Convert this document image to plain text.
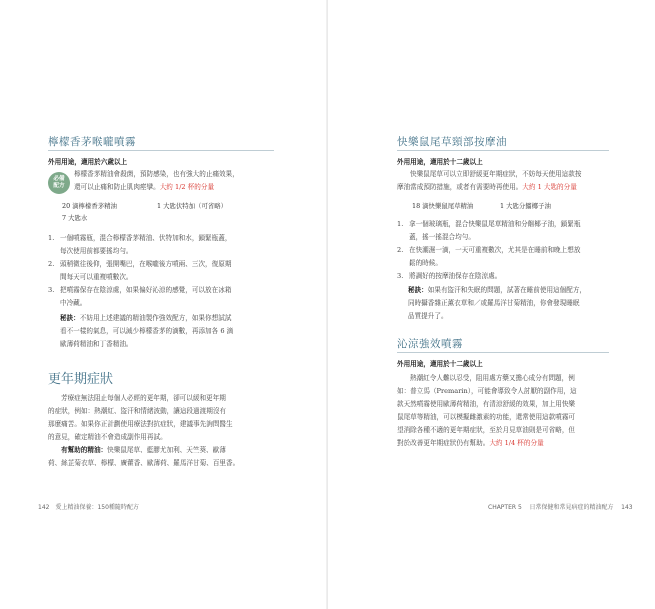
檸檬香茅喉嚨噴霧
外用用途，適用於六歲以上
必備
配方
檸檬香茅精油會殺菌，預防感染，也有強大的止痛效果，
還可以止痛和防止肌肉痙攣。大約 1/2 杯的分量
20 滴檸檬香茅精油	1 大匙伏特加（可省略）
7 大匙水
1. 一個噴霧瓶，混合檸檬香茅精油、伏特加和水，鎖緊瓶蓋，
每次使用前都要搖均勻。
2. 頭稍微往後仰，張開嘴巴，在喉嚨後方噴兩、三次，復原期
間每天可以重複噴數次。
3. 把噴霧保存在陰涼處，如果偏好沁涼的感覺，可以放在冰箱
中冷藏。
秘訣：不妨用上述建議的精油製作強效配方，如果你想試試
看不一樣的氣息，可以減少檸檬香茅的滴數，再添加各 6 滴
歐薄荷精油和丁香精油。
更年期症狀
芳療症無法阻止每個人必經的更年期，卻可以緩和更年期
的症狀，例如：熱潮紅、盜汗和情緒波動，讓這段過渡期沒有
那麼痛苦。如果你正計劃使用療法對抗症狀，建議事先詢問醫生
的意見，確定精油不會造成副作用再試。
有幫助的精油：快樂鼠尾草、藍膠尤加利、天竺葵、歐薄
荷、絲芷菊衣草、檸檬、廣藿香、歐薄荷、羅馬洋甘菊、百里香。
142　愛上精油保養：150種隨時配方
快樂鼠尾草頸部按摩油
外用用途，適用於十二歲以上
快樂鼠尾草可以立即舒緩更年期症狀，不妨每天使用這款按
摩油當成預防措施，或者有需要時再使用。大約 1 大匙的分量
18 滴快樂鼠尾草精油	1 大匙分餾椰子油
1. 拿一個玻璃瓶，混合快樂鼠尾草精油和分餾椰子油，鎖緊瓶
蓋，搖一搖混合均勻。
2. 在快潮濕一滴，一天可重複數次，尤其是在睡前和晚上想放
鬆的時候。
3. 將調好的按摩油保存在陰涼處。
秘訣：如果有盜汗和失眠的問題，試著在睡前使用這個配方，
同時攝香雜正薰衣草和／或羅馬洋甘菊精油，你會發現睡眠
品質提升了。
沁涼強效噴霧
外用用途，適用於十二歲以上
熱潮紅令人難以忍受，阻用處方藥又擔心成分有問題，例
如：普立馬（Premarin），可能會導致令人討厭的副作用，這
款天然噴霧使用歐薄荷精油，有清涼舒緩的效果，加上用快樂
鼠尾草等精油，可以模擬雌激素的功能，還常使用這款噴霧可
望消除各種不適的更年期症狀，至於月見草油則是可省略，但
對於改善更年期症狀仍有幫助。大約 1/4 杯的分量
CHAPTER 5 日常保健和常見病症的精油配方 143
